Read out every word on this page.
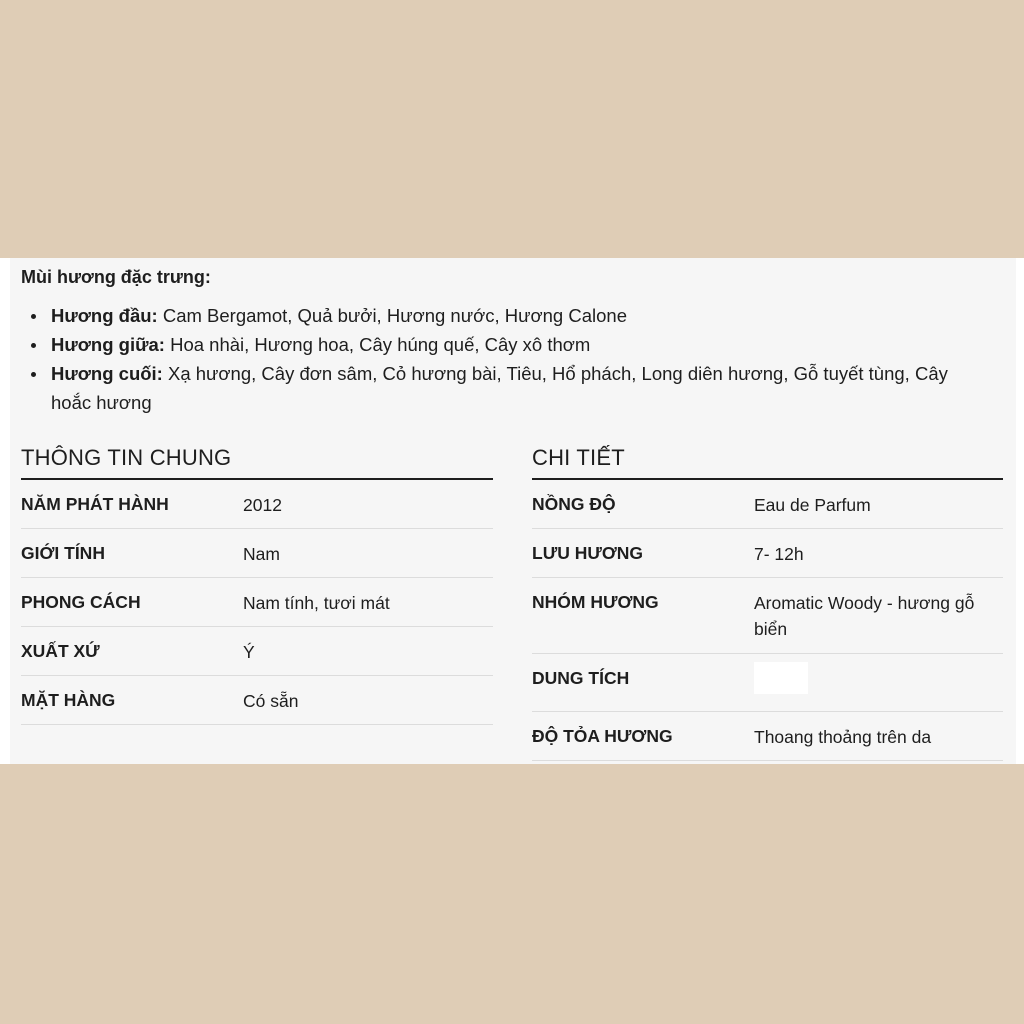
Mùi hương đặc trưng:
Hương đầu: Cam Bergamot, Quả bưởi, Hương nước, Hương Calone
Hương giữa: Hoa nhài, Hương hoa, Cây húng quế, Cây xô thơm
Hương cuối: Xạ hương, Cây đơn sâm, Cỏ hương bài, Tiêu, Hổ phách, Long diên hương, Gỗ tuyết tùng, Cây hoắc hương
THÔNG TIN CHUNG
NĂM PHÁT HÀNH	2012
GIỚI TÍNH	Nam
PHONG CÁCH	Nam tính, tươi mát
XUẤT XỨ	Ý
MẶT HÀNG	Có sẵn
CHI TIẾT
NỒNG ĐỘ	Eau de Parfum
LƯU HƯƠNG	7- 12h
NHÓM HƯƠNG	Aromatic Woody - hương gỗ biển
DUNG TÍCH
ĐỘ TỎA HƯƠNG	Thoang thoảng trên da
